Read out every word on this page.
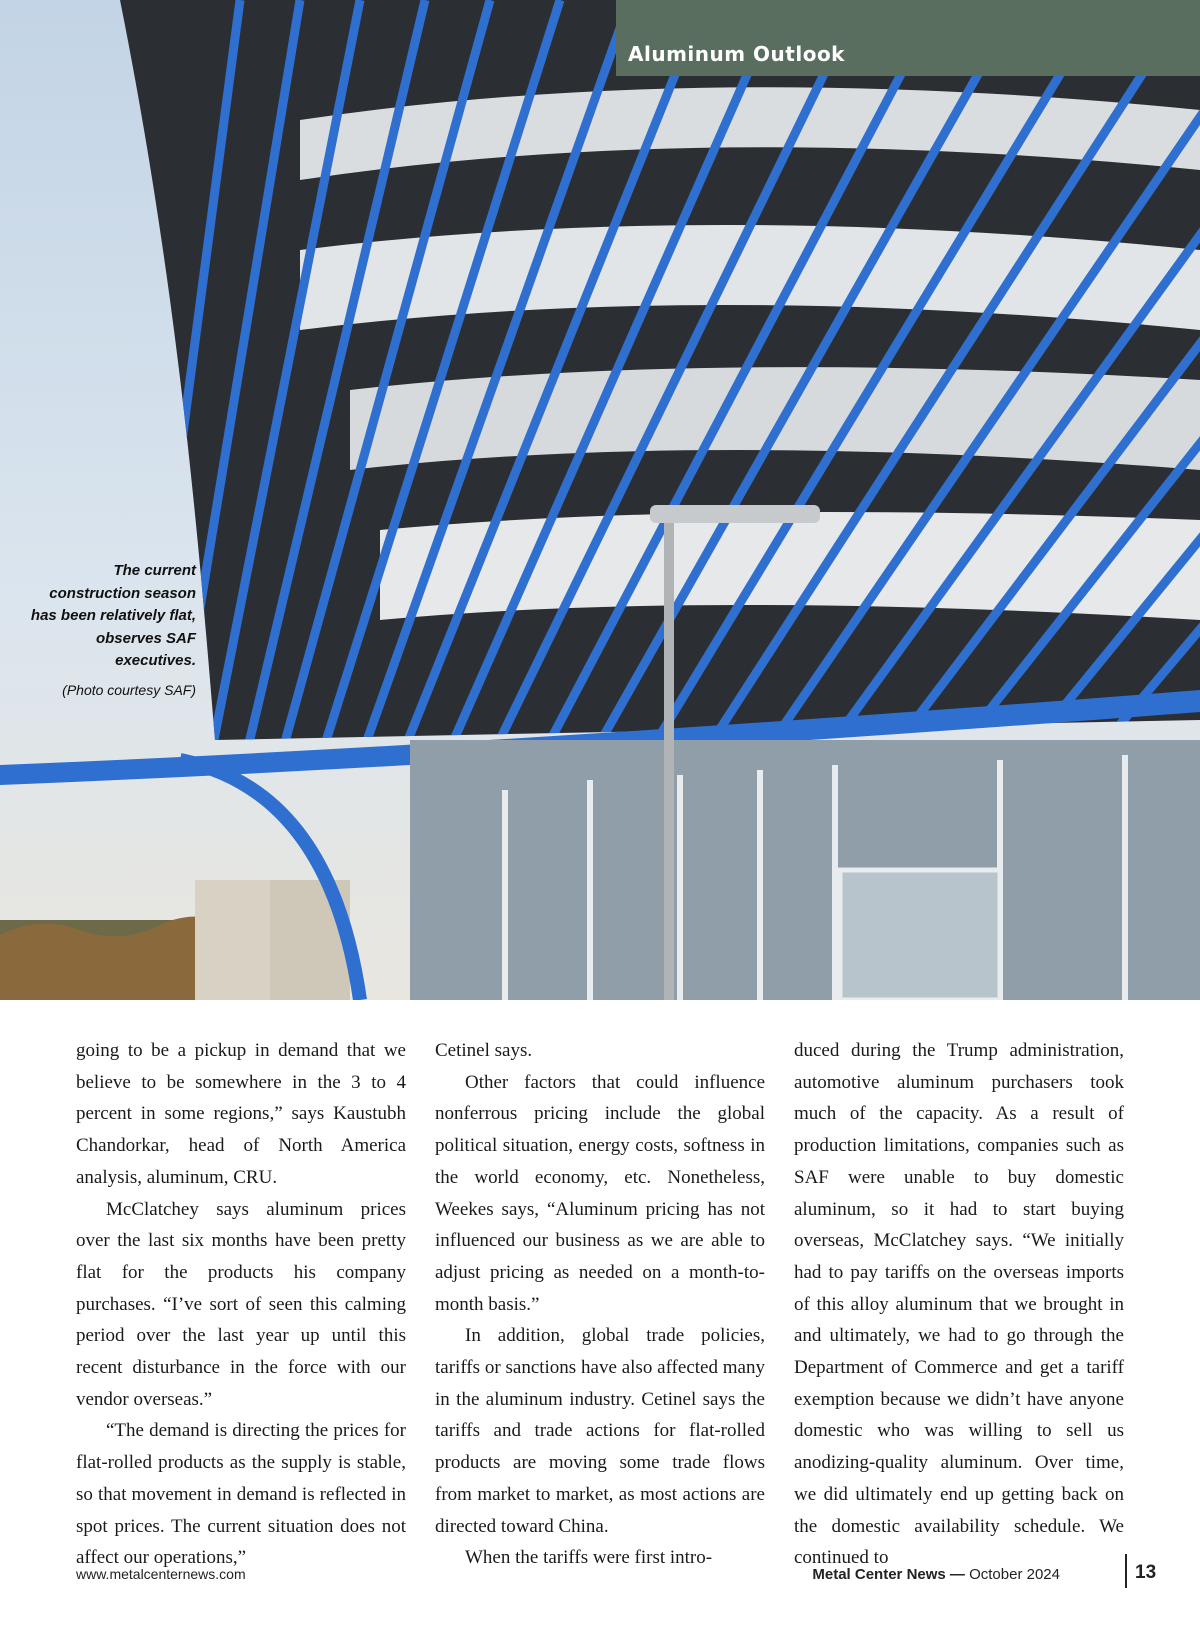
Aluminum Outlook
The current construction season has been relatively flat, observes SAF executives.
(Photo courtesy SAF)

going to be a pickup in demand that we believe to be somewhere in the 3 to 4 percent in some regions,” says Kaustubh Chandorkar, head of North America analysis, aluminum, CRU.

McClatchey says aluminum prices over the last six months have been pretty flat for the products his company purchases. “I’ve sort of seen this calming period over the last year up until this recent disturbance in the force with our vendor overseas.”

“The demand is directing the prices for flat-rolled products as the supply is stable, so that movement in demand is reflected in spot prices. The current situation does not affect our operations,”

Cetinel says.

Other factors that could influence nonferrous pricing include the global political situation, energy costs, softness in the world economy, etc. Nonetheless, Weekes says, “Aluminum pricing has not influenced our business as we are able to adjust pricing as needed on a month-to-month basis.”

In addition, global trade policies, tariffs or sanctions have also affected many in the aluminum industry. Cetinel says the tariffs and trade actions for flat-rolled products are moving some trade flows from market to market, as most actions are directed toward China.

When the tariffs were first intro-

duced during the Trump administration, automotive aluminum purchasers took much of the capacity. As a result of production limitations, companies such as SAF were unable to buy domestic aluminum, so it had to start buying overseas, McClatchey says. “We initially had to pay tariffs on the overseas imports of this alloy aluminum that we brought in and ultimately, we had to go through the Department of Commerce and get a tariff exemption because we didn’t have anyone domestic who was willing to sell us anodizing-quality aluminum. Over time, we did ultimately end up getting back on the domestic availability schedule. We continued to

www.metalcenternews.com	Metal Center News — October 2024	13
